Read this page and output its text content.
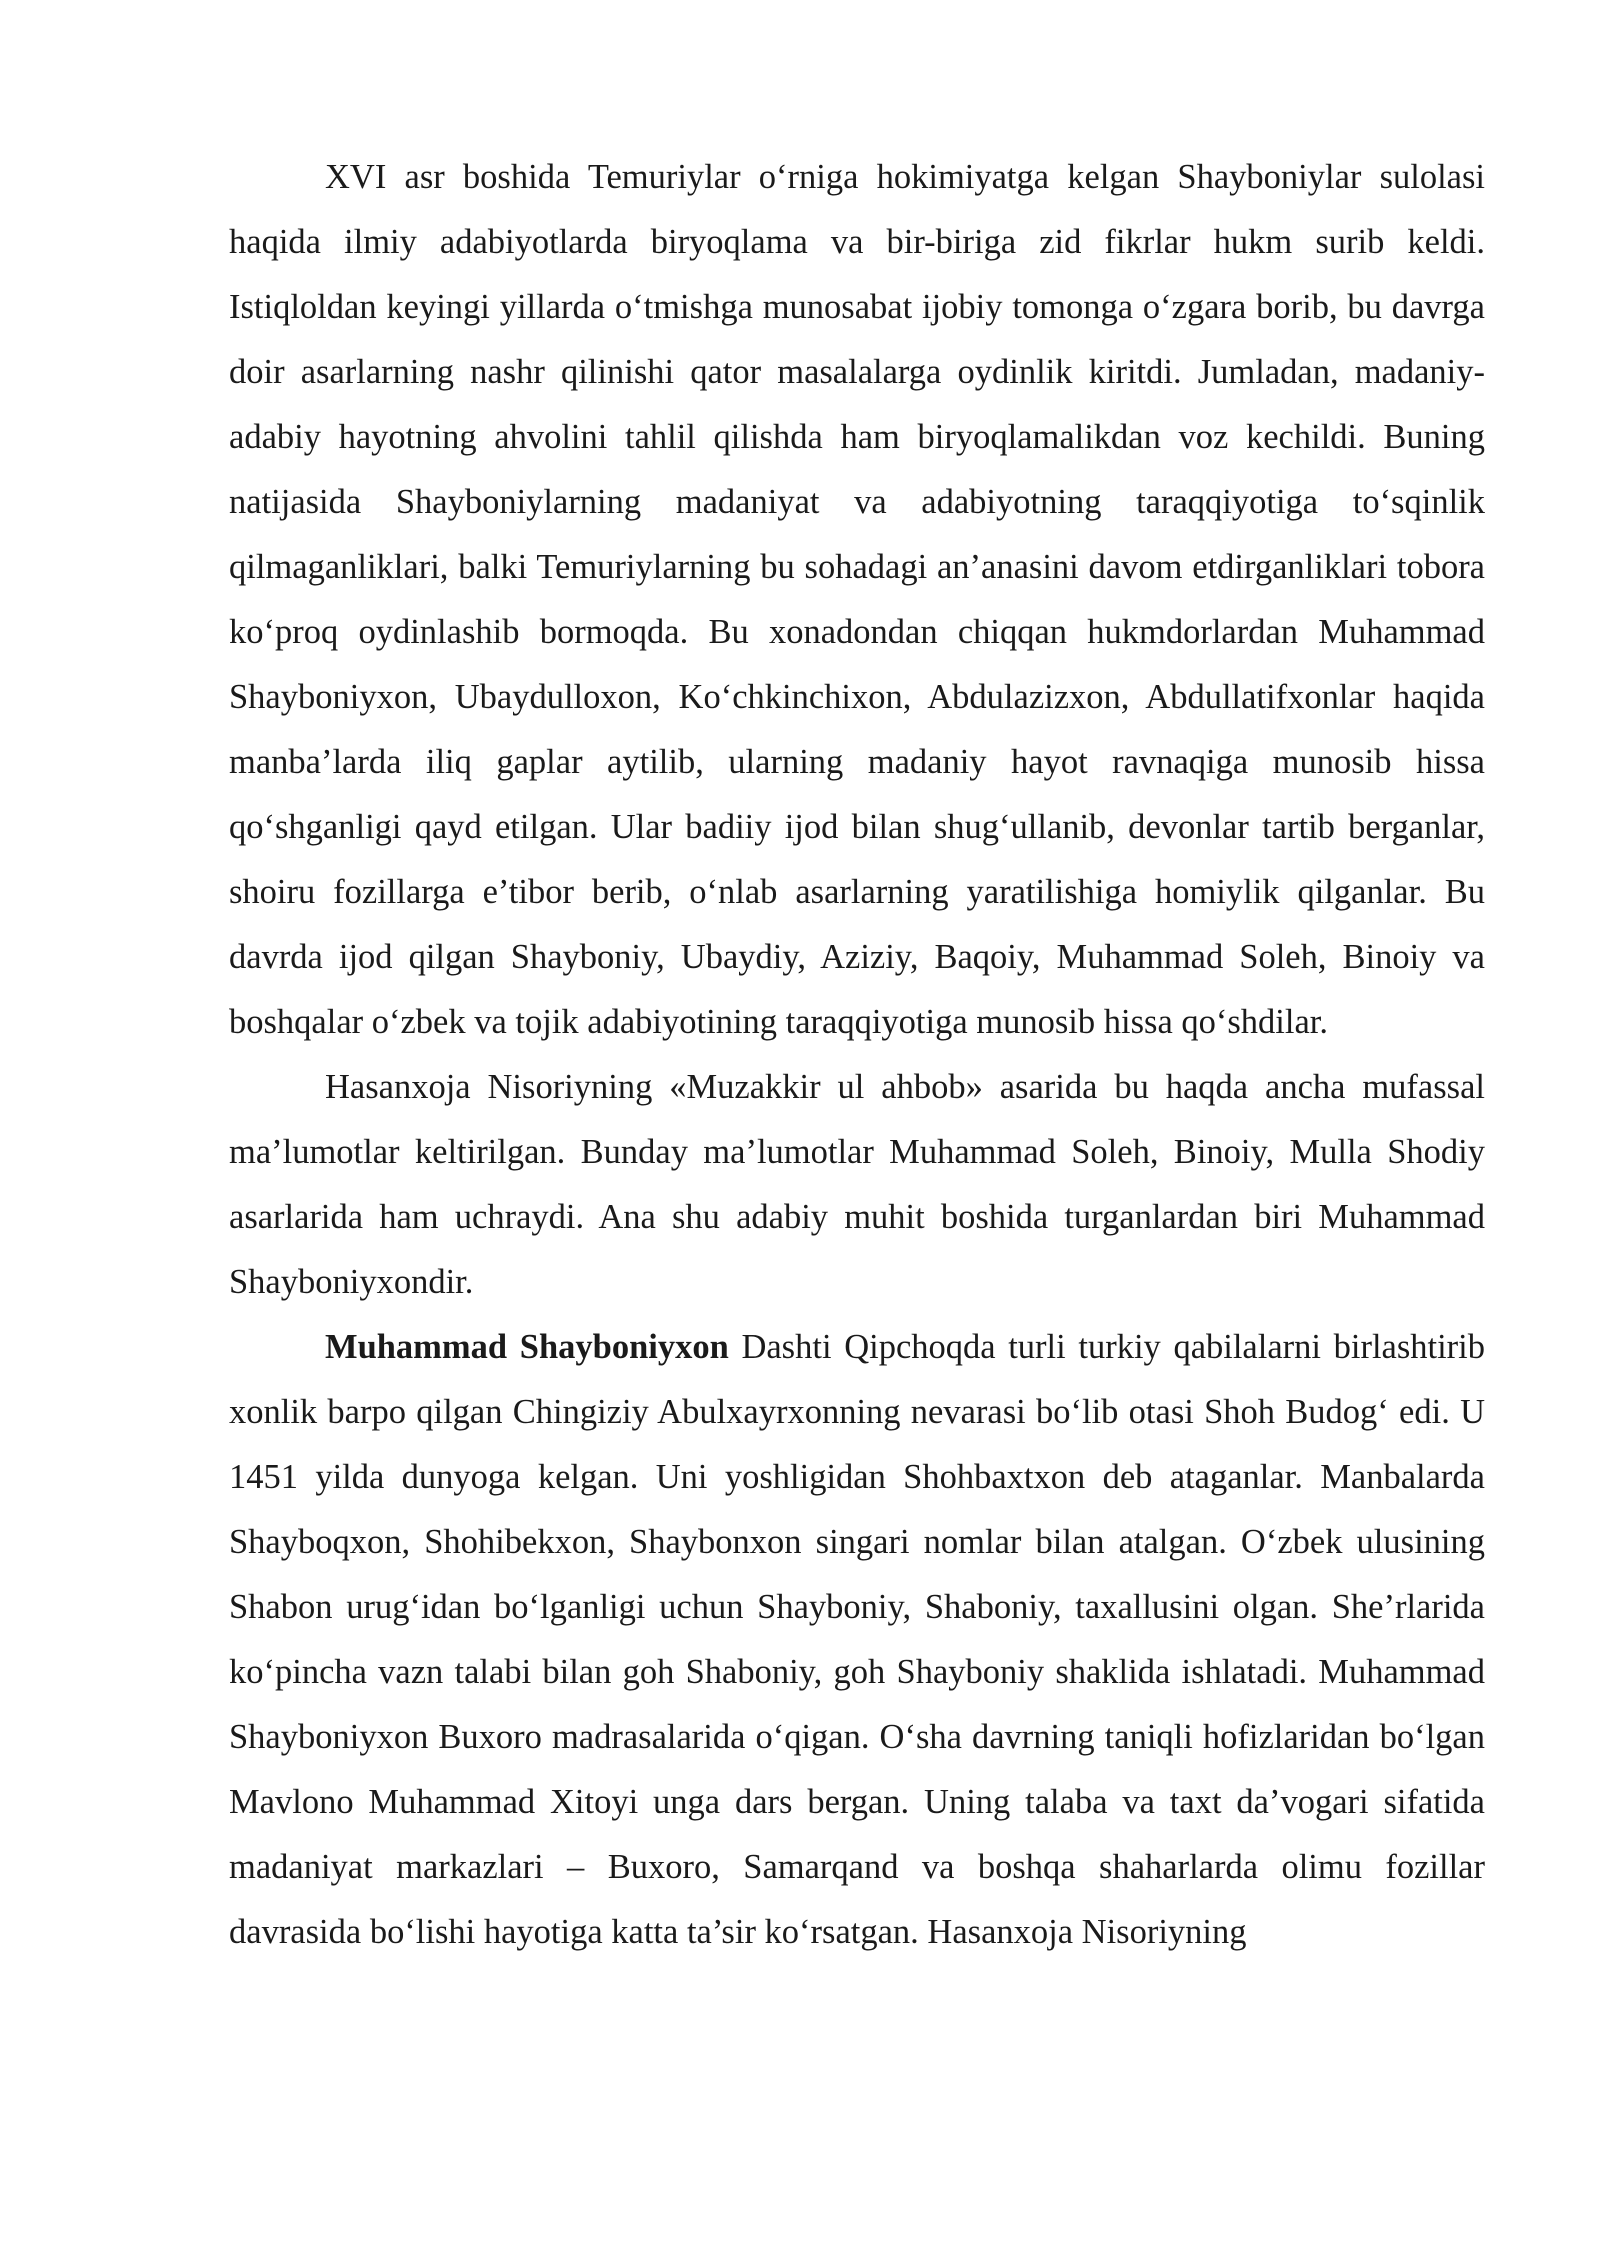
XVI asr boshida Temuriylar o‘rniga hokimiyatga kelgan Shayboniylar sulolasi haqida ilmiy adabiyotlarda biryoqlama va bir-biriga zid fikrlar hukm surib keldi. Istiqloldan keyingi yillarda o‘tmishga munosabat ijobiy tomonga o‘zgara borib, bu davrga doir asarlarning nashr qilinishi qator masalalarga oydinlik kiritdi. Jumladan, madaniy-adabiy hayotning ahvolini tahlil qilishda ham biryoqlamalikdan voz kechildi. Buning natijasida Shayboniylarning madaniyat va adabiyotning taraqqiyotiga to‘sqinlik qilmaganliklari, balki Temuriylarning bu sohadagi an’anasini davom etdirganliklari tobora ko‘proq oydinlashib bormoqda. Bu xonadondan chiqqan hukmdorlardan Muhammad Shayboniyxon, Ubaydulloxon, Ko‘chkinchixon, Abdulazizxon, Abdullatifxonlar haqida manba’larda iliq gaplar aytilib, ularning madaniy hayot ravnaqiga munosib hissa qo‘shganligi qayd etilgan. Ular badiiy ijod bilan shug‘ullanib, devonlar tartib berganlar, shoiru fozillarga e’tibor berib, o‘nlab asarlarning yaratilishiga homiylik qilganlar. Bu davrda ijod qilgan Shayboniy, Ubaydiy, Aziziy, Baqoiy, Muhammad Soleh, Binoiy va boshqalar o‘zbek va tojik adabiyotining taraqqiyotiga munosib hissa qo‘shdilar.

Hasanxoja Nisoriyning «Muzakkir ul ahbob» asarida bu haqda ancha mufassal ma’lumotlar keltirilgan. Bunday ma’lumotlar Muhammad Soleh, Binoiy, Mulla Shodiy asarlarida ham uchraydi. Ana shu adabiy muhit boshida turganlardan biri Muhammad Shayboniyxondir.

Muhammad Shayboniyxon Dashti Qipchoqda turli turkiy qabilalarni birlashtirib xonlik barpo qilgan Chingiziy Abulxayrxonning nevarasi bo‘lib otasi Shoh Budog‘ edi. U 1451 yilda dunyoga kelgan. Uni yoshligidan Shohbaxtxon deb ataganlar. Manbalarda Shayboqxon, Shohibekxon, Shaybonxon singari nomlar bilan atalgan. O‘zbek ulusining Shabon urug‘idan bo‘lganligi uchun Shayboniy, Shaboniy, taxallusini olgan. She’rlarida ko‘pincha vazn talabi bilan goh Shaboniy, goh Shayboniy shaklida ishlatadi. Muhammad Shayboniyxon Buxoro madrasalarida o‘qigan. O‘sha davrning taniqli hofizlaridan bo‘lgan Mavlono Muhammad Xitoyi unga dars bergan. Uning talaba va taxt da’vogari sifatida madaniyat markazlari – Buxoro, Samarqand va boshqa shaharlarda olimu fozillar davrasida bo‘lishi hayotiga katta ta’sir ko‘rsatgan. Hasanxoja Nisoriyning
